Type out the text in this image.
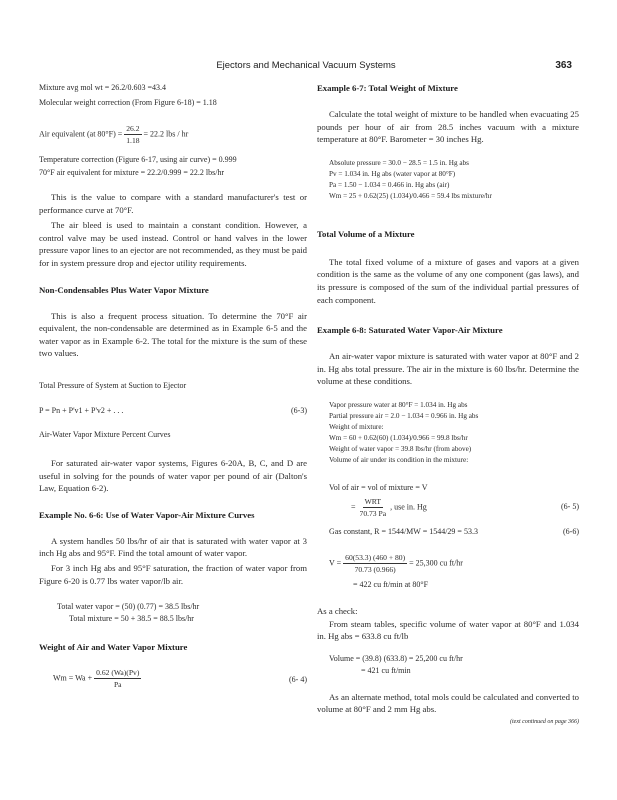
Ejectors and Mechanical Vacuum Systems	363
Mixture avg mol wt = 26.2/0.603 =43.4
Molecular weight correction (From Figure 6-18) = 1.18
Air equivalent (at $80^\circ F) = \frac{26.2}{1.18} = 22.2$ lbs / hr
Temperature correction (Figure 6-17, using air curve) = 0.999
70°F air equivalent for mixture = 22.2/0.999 = 22.2 lbs/hr

This is the value to compare with a standard manufacturer's test or performance curve at 70°F.

The air bleed is used to maintain a constant condition. However, a control valve may be used instead. Control or hand valves in the lower pressure vapor lines to an ejector are not recommended, as they must be paid for in system pressure drop and ejector utility requirements.

Non-Condensables Plus Water Vapor Mixture

This is also a frequent process situation. To determine the 70°F air equivalent, the non-condensable are determined as in Example 6-5 and the water vapor as in Example 6-2. The total for the mixture is the sum of these two values.

Total Pressure of System at Suction to Ejector
P = Pn + P'v1 + P'v2 + . . .	(6-3)
Air-Water Vapor Mixture Percent Curves

For saturated air-water vapor systems, Figures 6-20A, B, C, and D are useful in solving for the pounds of water vapor per pound of air (Dalton's Law, Equation 6-2).

Example No. 6-6: Use of Water Vapor-Air Mixture Curves

A system handles 50 lbs/hr of air that is saturated with water vapor at 3 inch Hg abs and 95°F. Find the total amount of water vapor.

For 3 inch Hg abs and 95°F saturation, the fraction of water vapor from Figure 6-20 is 0.77 lbs water vapor/lb air.

Total water vapor = (50) (0.77) = 38.5 lbs/hr
Total mixture = 50 + 38.5 = 88.5 lbs/hr
Weight of Air and Water Vapor Mixture
$Wm = Wa + \frac{0.62 (Wa)(Pv)}{Pa}$	(6- 4)
Example 6-7: Total Weight of Mixture

Calculate the total weight of mixture to be handled when evacuating 25 pounds per hour of air from 28.5 inches vacuum with a mixture temperature at 80°F. Barometer = 30 inches Hg.

Absolute pressure = 30.0 − 28.5 = 1.5 in. Hg abs
Pv = 1.034 in. Hg abs (water vapor at 80°F)
Pa = 1.50 − 1.034 = 0.466 in. Hg abs (air)
Wm = 25 + 0.62(25) (1.034)/0.466 = 59.4 lbs mixture/hr
Total Volume of a Mixture

The total fixed volume of a mixture of gases and vapors at a given condition is the same as the volume of any one component (gas laws), and its pressure is composed of the sum of the individual partial pressures of each component.

Example 6-8: Saturated Water Vapor-Air Mixture

An air-water vapor mixture is saturated with water vapor at 80°F and 2 in. Hg abs total pressure. The air in the mixture is 60 lbs/hr. Determine the volume at these conditions.

Vapor pressure water at 80°F = 1.034 in. Hg abs
Partial pressure air = 2.0 − 1.034 = 0.966 in. Hg abs
Weight of mixture:
Wm = 60 + 0.62(60) (1.034)/0.966 = 99.8 lbs/hr
Weight of water vapor = 39.8 lbs/hr (from above)
Volume of air under its condition in the mixture:
Vol of air = vol of mixture = V
= $\frac{\text{WRT}}{70.73 Pa}$ , use in. Hg	(6- 5)
Gas constant, R = 1544/MW = 1544/29 = 53.3	(6-6)
$V = \frac{60(53.3) (460 + 80)}{70.73 (0.966)} = 25,300$ cu ft/hr
= 422 cu ft/min at 80°F
As a check:

From steam tables, specific volume of water vapor at 80°F and 1.034 in. Hg abs = 633.8 cu ft/lb

Volume = (39.8) (633.8) = 25,200 cu ft/hr
= 421 cu ft/min

As an alternate method, total mols could be calculated and converted to volume at 80°F and 2 mm Hg abs.

(text continued on page 366)
